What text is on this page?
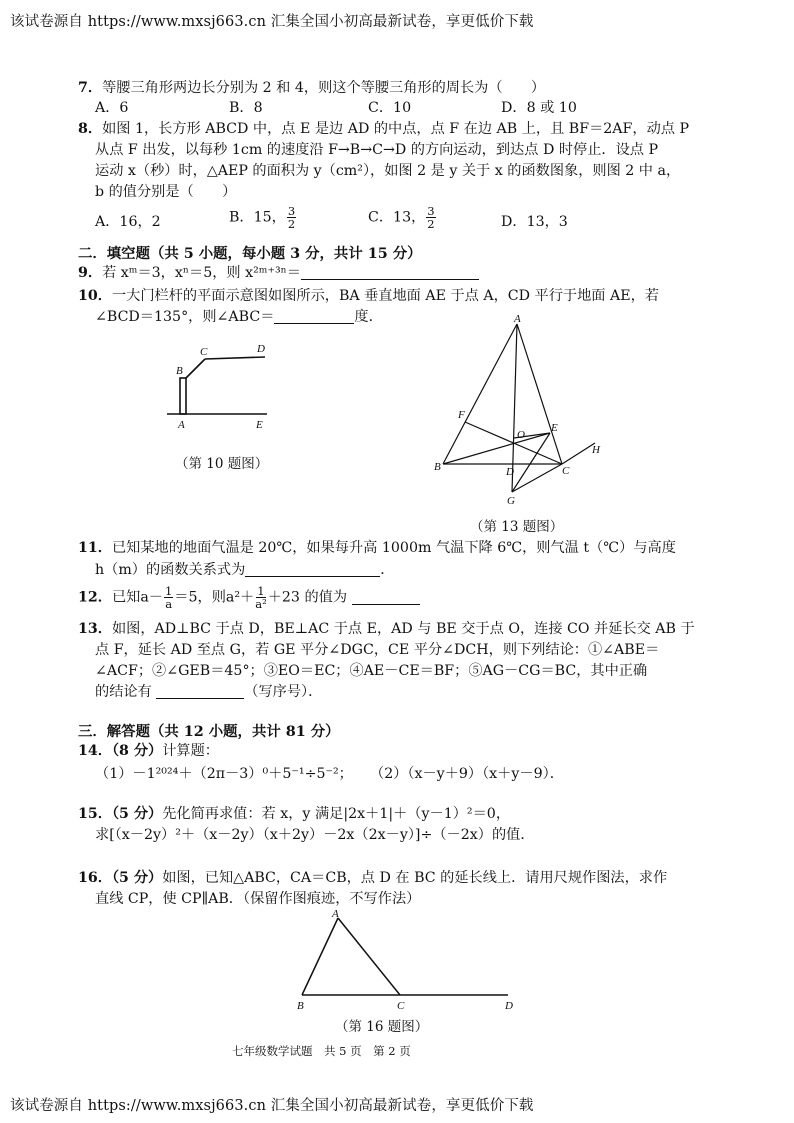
该试卷源自 https://www.mxsj663.cn 汇集全国小初高最新试卷，享更低价下载
7．等腰三角形两边长分别为 2 和 4，则这个等腰三角形的周长为（　　）
A．6	B．8	C．10	D．8 或 10
8．如图 1，长方形 ABCD 中，点 E 是边 AD 的中点，点 F 在边 AB 上，且 BF＝2AF，动点 P
从点 F 出发，以每秒 1cm 的速度沿 F→B→C→D 的方向运动，到达点 D 时停止．设点 P
运动 x（秒）时，△AEP 的面积为 y（cm²），如图 2 是 y 关于 x 的函数图象，则图 2 中 a，
b 的值分别是（　　）
A．16，2	B．15， $\frac{3}{2}$	C．13， $\frac{3}{2}$	D．13，3
二．填空题（共 5 小题，每小题 3 分，共计 15 分）
9．若 xᵐ＝3，xⁿ＝5，则 x²ᵐ⁺³ⁿ＝
10．一大门栏杆的平面示意图如图所示，BA 垂直地面 AE 于点 A，CD 平行于地面 AE，若
∠BCD＝135°，则∠ABC＝	度．
B
C	D
A	E
（第 10 题图）
A
B	C
D
E
F
G
H
O
（第 13 题图）
11．已知某地的地面气温是 20℃，如果每升高 1000m 气温下降 6℃，则气温 t（℃）与高度
h（m）的函数关系式为	．
12．已知$a- \frac{1}{a} =5$，则$a^2+ \frac{1}{\text{a²}} +23$ 的值为
13．如图，AD⊥BC 于点 D，BE⊥AC 于点 E，AD 与 BE 交于点 O，连接 CO 并延长交 AB 于
点 F，延长 AD 至点 G，若 GE 平分∠DGC，CE 平分∠DCH，则下列结论：①∠ABE＝
∠ACF；②∠GEB＝45°；③EO＝EC；④AE－CE＝BF；⑤AG－CG＝BC，其中正确
的结论有	（写序号）．
三．解答题（共 12 小题，共计 81 分）
14．（8 分）计算题：
（1）－1²⁰²⁴＋（2π－3）⁰＋5⁻¹÷5⁻²； （2）（x－y＋9）（x＋y－9）．
15．（5 分）先化简再求值：若 x，y 满足|2x＋1|＋（y－1）²＝0，
求[（x－2y）²＋（x－2y）（x＋2y）－2x（2x－y）]÷（－2x）的值．
16．（5 分）如图，已知△ABC，CA＝CB，点 D 在 BC 的延长线上．请用尺规作图法，求作
直线 CP，使 CP∥AB．（保留作图痕迹，不写作法）
A
B	C	D
（第 16 题图）
七年级数学试题　共 5 页　第 2 页
该试卷源自 https://www.mxsj663.cn 汇集全国小初高最新试卷，享更低价下载
